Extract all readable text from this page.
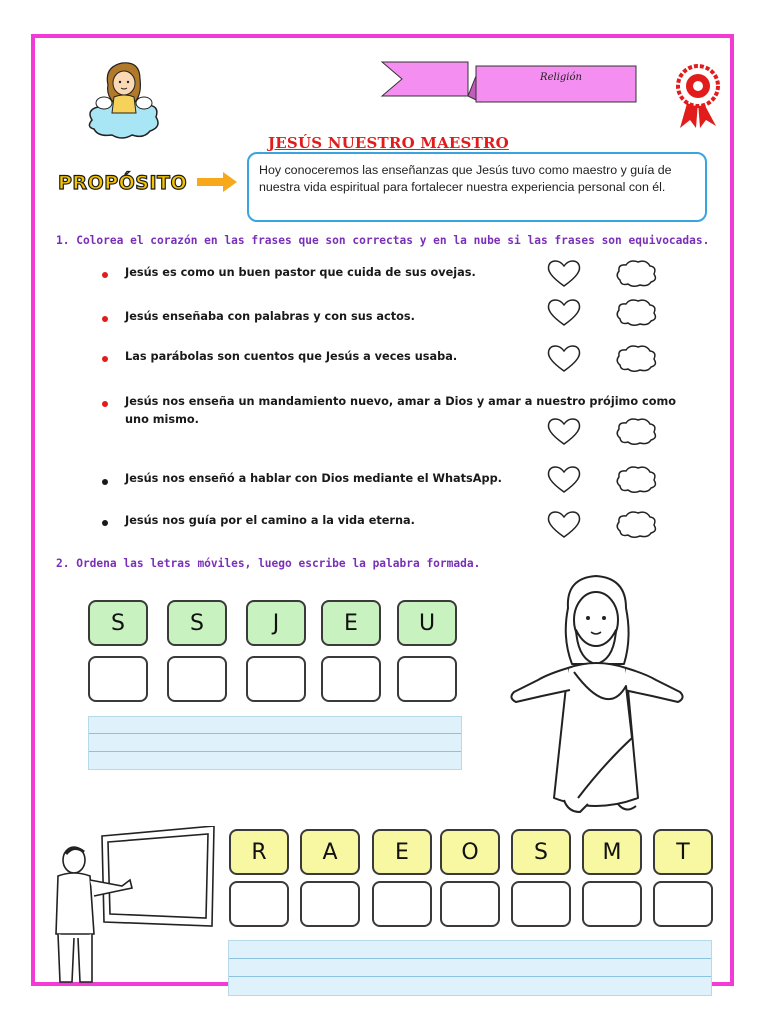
Religión
JESÚS NUESTRO MAESTRO
PROPÓSITO
Hoy conoceremos las enseñanzas que Jesús tuvo como maestro y guía de nuestra vida espiritual para fortalecer nuestra experiencia personal con él.
1. Colorea el corazón en las frases que son correctas y en la nube si las frases son equivocadas.
Jesús es como un buen pastor que cuida de sus ovejas.
Jesús enseñaba con palabras y con sus actos.
Las parábolas son cuentos que Jesús a veces usaba.
Jesús nos enseña un mandamiento nuevo, amar a Dios y amar a nuestro prójimo como uno mismo.
Jesús nos enseñó a hablar con Dios mediante el WhatsApp.
Jesús nos guía por el camino a la vida eterna.
2. Ordena las letras móviles, luego escribe la palabra formada.
S	S	J	E	U
R	A	E	O	S	M	T
